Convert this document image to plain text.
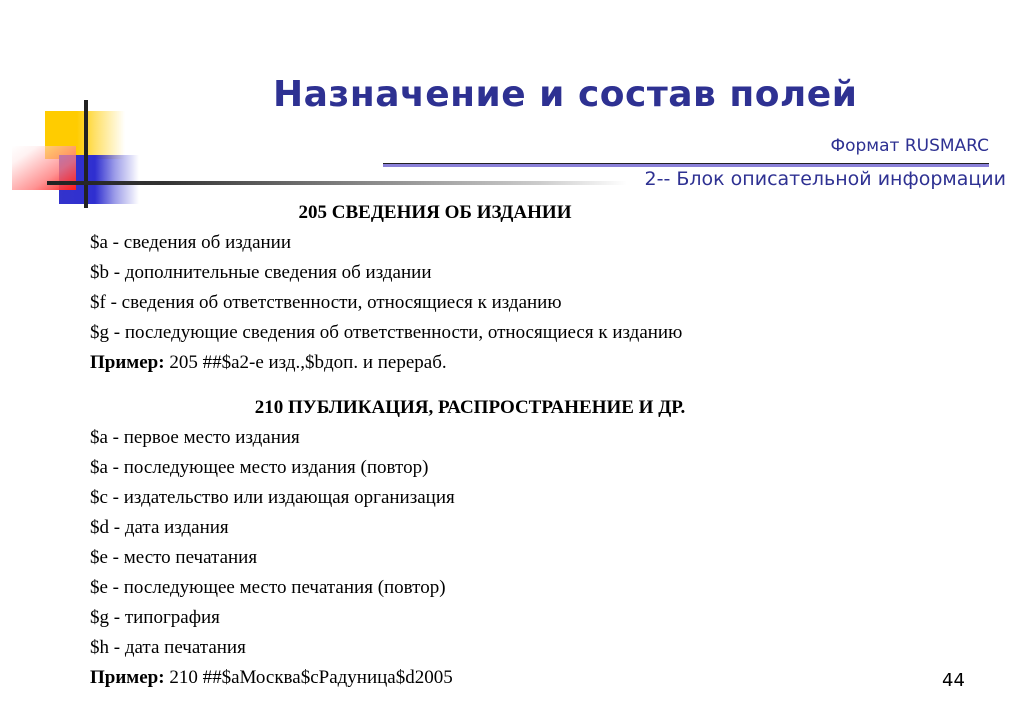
Назначение и состав полей
Формат RUSMARC
2-- Блок описательной информации
205 СВЕДЕНИЯ ОБ ИЗДАНИИ

$a - сведения об издании

$b - дополнительные сведения об издании

$f - сведения об ответственности, относящиеся к изданию

$g - последующие сведения об ответственности, относящиеся к изданию

Пример: 205 ##$a2-е изд.,$bдоп. и перераб.

210 ПУБЛИКАЦИЯ, РАСПРОСТРАНЕНИЕ И ДР.

$a - первое место издания

$a - последующее место издания (повтор)

$c - издательство или издающая организация

$d - дата издания

$e - место печатания

$e - последующее место печатания (повтор)

$g - типография

$h - дата печатания

Пример: 210 ##$aМосква$cРадуница$d2005	44
